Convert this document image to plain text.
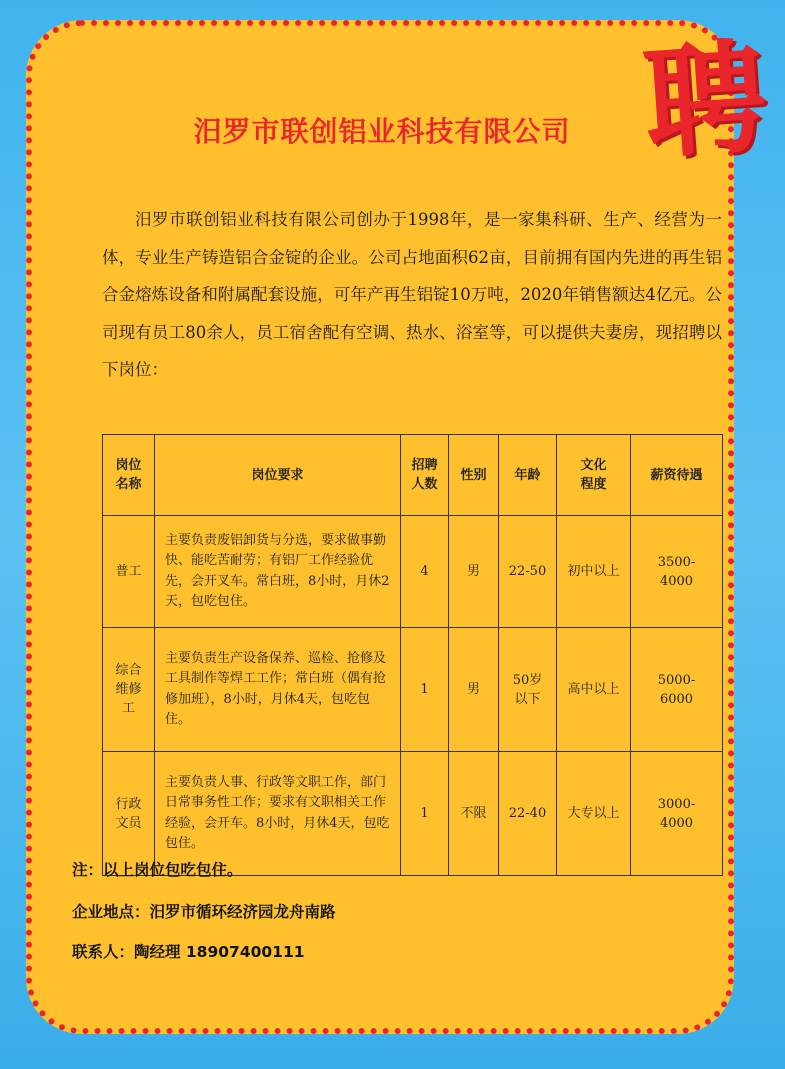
聘
汨罗市联创铝业科技有限公司

汨罗市联创铝业科技有限公司创办于1998年，是一家集科研、生产、经营为一体，专业生产铸造铝合金锭的企业。公司占地面积62亩，目前拥有国内先进的再生铝合金熔炼设备和附属配套设施，可年产再生铝锭10万吨，2020年销售额达4亿元。公司现有员工80余人，员工宿舍配有空调、热水、浴室等，可以提供夫妻房，现招聘以下岗位：

岗位名称	岗位要求	招聘人数	性别	年龄	文化程度	薪资待遇
普工	主要负责废铝卸货与分选，要求做事勤快、能吃苦耐劳；有铝厂工作经验优先，会开叉车。常白班，8小时，月休2天，包吃包住。	4	男	22-50	初中以上	3500-4000
综合维修工	主要负责生产设备保养、巡检、抢修及工具制作等焊工工作；常白班（偶有抢修加班），8小时，月休4天，包吃包住。	1	男	50岁以下	高中以上	5000-6000
行政文员	主要负责人事、行政等文职工作，部门日常事务性工作；要求有文职相关工作经验，会开车。8小时，月休4天，包吃包住。	1	不限	22-40	大专以上	3000-4000
注：以上岗位包吃包住。
企业地点：汨罗市循环经济园龙舟南路
联系人：陶经理 18907400111
